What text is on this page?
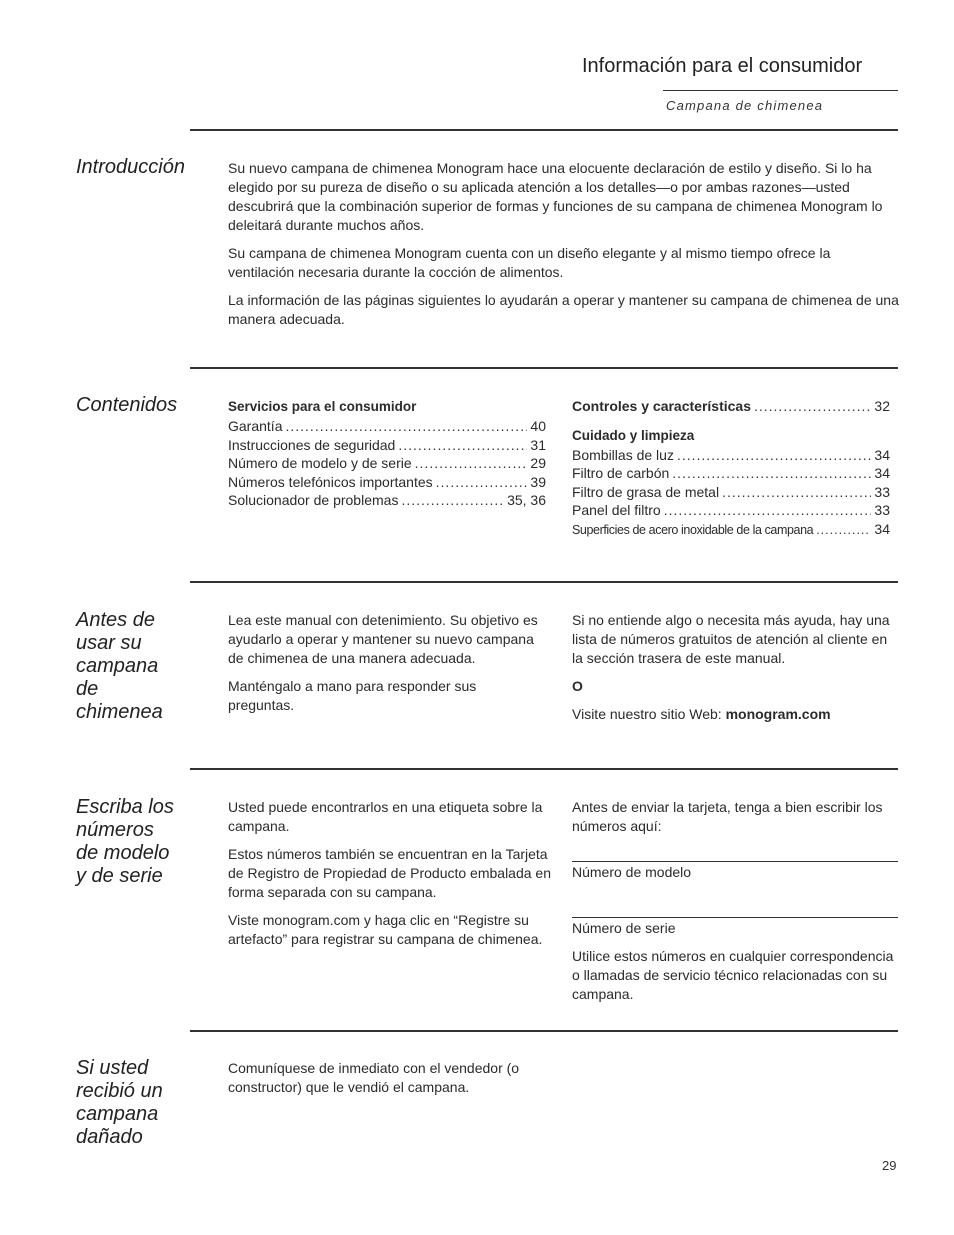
Información para el consumidor
Campana de chimenea
Introducción	Su nuevo campana de chimenea Monogram hace una elocuente declaración de estilo y diseño. Si lo ha elegido por su pureza de diseño o su aplicada atención a los detalles—o por ambas razones—usted descubrirá que la combinación superior de formas y funciones de su campana de chimenea Monogram lo deleitará durante muchos años.

Su campana de chimenea Monogram cuenta con un diseño elegante y al mismo tiempo ofrece la ventilación necesaria durante la cocción de alimentos.

La información de las páginas siguientes lo ayudarán a operar y mantener su campana de chimenea de una manera adecuada.

Contenidos	Servicios para el consumidor
Garantía .....	40
Instrucciones de seguridad .....	31
Número de modelo y de serie .....	29
Números telefónicos importantes .....	39
Solucionador de problemas .....	35, 36
Controles y características .....	32
Cuidado y limpieza
Bombillas de luz .....	34
Filtro de carbón .....	34
Filtro de grasa de metal .....	33
Panel del filtro .....	33
Superficies de acero inoxidable de la campana .....	34
Antes de
usar su
campana
de
chimenea

Lea este manual con detenimiento. Su objetivo es ayudarlo a operar y mantener su nuevo campana de chimenea de una manera adecuada.

Manténgalo a mano para responder sus preguntas.

Si no entiende algo o necesita más ayuda, hay una lista de números gratuitos de atención al cliente en la sección trasera de este manual.

O

Visite nuestro sitio Web: monogram.com

Escriba los
números
de modelo
y de serie

Usted puede encontrarlos en una etiqueta sobre la campana.

Estos números también se encuentran en la Tarjeta de Registro de Propiedad de Producto embalada en forma separada con su campana.

Viste monogram.com y haga clic en “Registre su artefacto” para registrar su campana de chimenea.

Antes de enviar la tarjeta, tenga a bien escribir los números aquí:

Número de modelo
Número de serie

Utilice estos números en cualquier correspondencia o llamadas de servicio técnico relacionadas con su campana.

Si usted
recibió un
campana
dañado

Comuníquese de inmediato con el vendedor (o constructor) que le vendió el campana.

29
